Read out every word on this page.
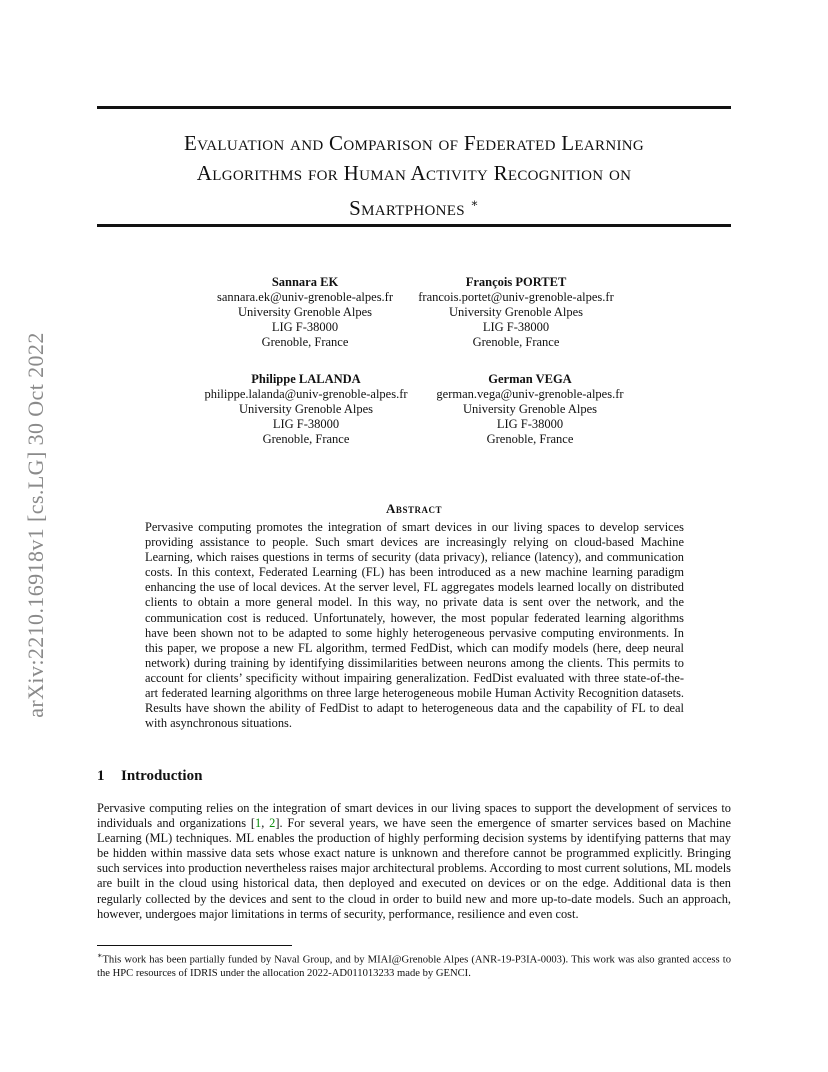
arXiv:2210.16918v1 [cs.LG] 30 Oct 2022
Evaluation and Comparison of Federated Learning
Algorithms for Human Activity Recognition on
Smartphones ∗
Sannara EK
sannara.ek@univ-grenoble-alpes.fr
University Grenoble Alpes
LIG F-38000
Grenoble, France
François PORTET
francois.portet@univ-grenoble-alpes.fr
University Grenoble Alpes
LIG F-38000
Grenoble, France
Philippe LALANDA
philippe.lalanda@univ-grenoble-alpes.fr
University Grenoble Alpes
LIG F-38000
Grenoble, France
German VEGA
german.vega@univ-grenoble-alpes.fr
University Grenoble Alpes
LIG F-38000
Grenoble, France
Abstract
Pervasive computing promotes the integration of smart devices in our living spaces to develop services providing assistance to people. Such smart devices are increasingly relying on cloud-based Machine Learning, which raises questions in terms of security (data privacy), reliance (latency), and communication costs. In this context, Federated Learning (FL) has been introduced as a new machine learning paradigm enhancing the use of local devices. At the server level, FL aggregates models learned locally on distributed clients to obtain a more general model. In this way, no private data is sent over the network, and the communication cost is reduced. Unfortunately, however, the most popular federated learning algorithms have been shown not to be adapted to some highly heterogeneous pervasive computing environments. In this paper, we propose a new FL algorithm, termed FedDist, which can modify models (here, deep neural network) during training by identifying dissimilarities between neurons among the clients. This permits to account for clients’ specificity without impairing generalization. FedDist evaluated with three state-of-the-art federated learning algorithms on three large heterogeneous mobile Human Activity Recognition datasets. Results have shown the ability of FedDist to adapt to heterogeneous data and the capability of FL to deal with asynchronous situations.
1 Introduction
Pervasive computing relies on the integration of smart devices in our living spaces to support the development of services to individuals and organizations [1, 2]. For several years, we have seen the emergence of smarter services based on Machine Learning (ML) techniques. ML enables the production of highly performing decision systems by identifying patterns that may be hidden within massive data sets whose exact nature is unknown and therefore cannot be programmed explicitly. Bringing such services into production nevertheless raises major architectural problems. According to most current solutions, ML models are built in the cloud using historical data, then deployed and executed on devices or on the edge. Additional data is then regularly collected by the devices and sent to the cloud in order to build new and more up-to-date models. Such an approach, however, undergoes major limitations in terms of security, performance, resilience and even cost.
∗This work has been partially funded by Naval Group, and by MIAI@Grenoble Alpes (ANR-19-P3IA-0003). This work was also granted access to the HPC resources of IDRIS under the allocation 2022-AD011013233 made by GENCI.
